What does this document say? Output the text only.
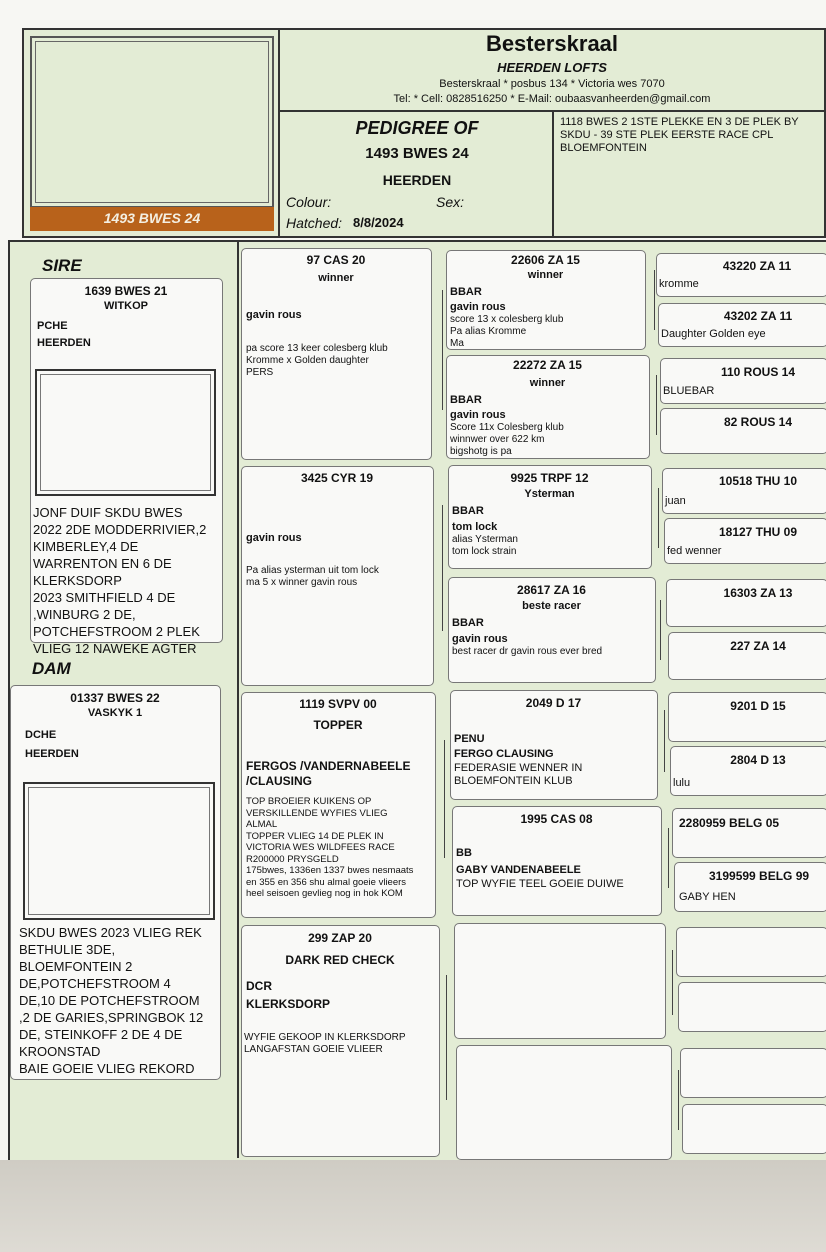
1493 BWES 24
Besterskraal
HEERDEN LOFTS
Besterskraal * posbus 134 * Victoria wes 7070
Tel: * Cell: 0828516250 * E-Mail: oubaasvanheerden@gmail.com
PEDIGREE OF
1493 BWES 24
HEERDEN
Colour:	Sex:
Hatched: 8/8/2024
1118 BWES 2 1STE PLEKKE EN 3 DE PLEK BY SKDU - 39 STE PLEK EERSTE RACE CPL BLOEMFONTEIN
SIRE
1639 BWES 21
WITKOP
PCHE
HEERDEN
JONF DUIF SKDU BWES
2022 2DE MODDERRIVIER,2
KIMBERLEY,4 DE
WARRENTON EN 6 DE
KLERKSDORP
2023 SMITHFIELD 4 DE
,WINBURG 2 DE,
POTCHEFSTROOM 2 PLEK
VLIEG 12 NAWEKE AGTER
DAM
01337 BWES 22
VASKYK 1
DCHE
HEERDEN
SKDU BWES 2023 VLIEG REK
BETHULIE 3DE,
BLOEMFONTEIN 2
DE,POTCHEFSTROOM 4
DE,10 DE POTCHEFSTROOM
,2 DE GARIES,SPRINGBOK 12
DE, STEINKOFF 2 DE 4 DE
KROONSTAD
BAIE GOEIE VLIEG REKORD
97 CAS 20
winner
gavin rous
pa score 13 keer colesberg klub
Kromme x Golden daughter
PERS
3425 CYR 19
gavin rous
Pa alias ysterman uit tom lock
ma 5 x winner gavin rous
1119 SVPV 00
TOPPER
FERGOS /VANDERNABEELE
/CLAUSING
TOP BROEIER KUIKENS OP
VERSKILLENDE WYFIES VLIEG
ALMAL
TOPPER VLIEG 14 DE PLEK IN
VICTORIA WES WILDFEES RACE
R200000 PRYSGELD
175bwes, 1336en 1337 bwes nesmaats
en 355 en 356 shu almal goeie vlieers
heel seisoen gevlieg nog in hok KOM
299 ZAP 20
DARK RED CHECK
DCR
KLERKSDORP
WYFIE GEKOOP IN KLERKSDORP
LANGAFSTAN GOEIE VLIEER
22606 ZA 15
winner
BBAR
gavin rous
score 13 x colesberg klub
Pa alias Kromme
Ma
22272 ZA 15
winner
BBAR
gavin rous
Score 11x Colesberg klub
winnwer over 622 km
bigshotg is pa
9925 TRPF 12
Ysterman
BBAR
tom lock
alias Ysterman
tom lock strain
28617 ZA 16
beste racer
BBAR
gavin rous
best racer dr gavin rous ever bred
2049 D 17
PENU
FERGO CLAUSING
FEDERASIE WENNER IN
BLOEMFONTEIN KLUB
1995 CAS 08
BB
GABY VANDENABEELE
TOP WYFIE TEEL GOEIE DUIWE
43220 ZA 11
kromme
43202 ZA 11
Daughter Golden eye
110 ROUS 14
BLUEBAR
82 ROUS 14
10518 THU 10
juan
18127 THU 09
fed wenner
16303 ZA 13
227 ZA 14
9201 D 15
2804 D 13
lulu
2280959 BELG 05
3199599 BELG 99
GABY HEN
